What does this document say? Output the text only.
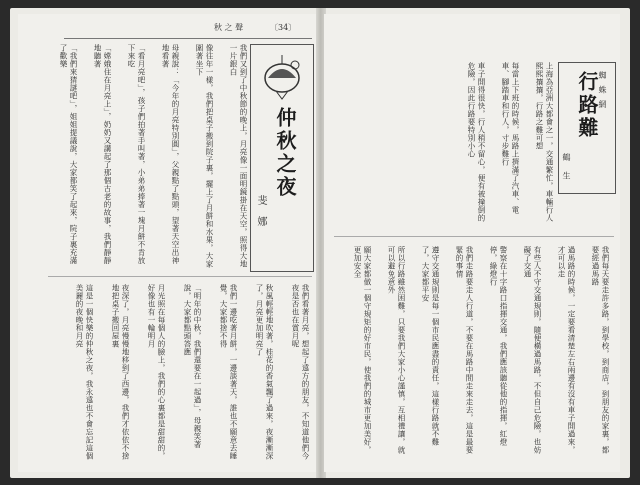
秋 之 聲	〔34〕
仲秋之夜
斐 娜
我們又到了中秋節的晚上，月亮像一面明鏡掛在天空，照得大地一片銀白
像往年一樣，我們把桌子搬到院子裏，擺上了月餅和水果，大家圍著坐下
母親說：「今年的月亮特別圓」，父親點了點頭，望著天空出神地看著
「看月亮吧」，孩子們拍著手叫著，小弟弟捧著一塊月餅不肯放下來吃
「嫦娥住在月亮上」，奶奶又講起了那個古老的故事，我們靜靜地聽著
「我們來猜謎吧」，姐姐提議說，大家都笑了起來，院子裏充滿了歡樂
我們看著月亮，想起了遠方的朋友，不知道他們今夜是否也在賞月呢
秋風輕輕地吹著，桂花的香氣飄了過來，夜漸漸深了，月亮更加明亮了
我們一邊吃著月餅，一邊談著天，誰也不願意去睡覺，大家都捨不得
「明年的中秋，我們還要在一起過」，母親笑著說，大家都點頭答應
月光照在每個人的臉上，我們的心裏都是甜甜的，好像也有一輪明月
夜深了，月亮慢慢地移到了西邊，我們才依依不捨地把桌子搬回屋裏
這是一個快樂的仲秋之夜，我永遠也不會忘記這個美麗的夜晚和月亮
蜘 蛛 網
行路難
鶴 生
上海為亞洲大都會之一，交通繁忙，車輛行人熙熙攘攘，行路之難可想
每當上下班的時候，馬路上擠滿了汽車、電車、腳踏車和行人，寸步難行
車子開得很快，行人稍不留心，便有被撞倒的危險，因此行路要特別小心
我們每天要走許多路，到學校，到商店，到朋友的家裏，都要經過馬路
過馬路的時候，一定要看清楚左右兩邊有沒有車子開過來，才可以走
有些人不守交通規則，隨便橫過馬路，不但自己危險，也妨礙了交通
警察在十字路口指揮交通，我們應該聽從他的指揮，紅燈停，綠燈行
我們走路要走人行道，不要在馬路中間走來走去，這是最要緊的事情
遵守交通規則是每一個市民應盡的責任，這樣行路就不難了，大家都平安
所以行路雖然困難，只要我們大家小心謹慎，互相禮讓，就可以避免意外
願大家都做一個守規矩的好市民，使我們的城市更加美好，更加安全
